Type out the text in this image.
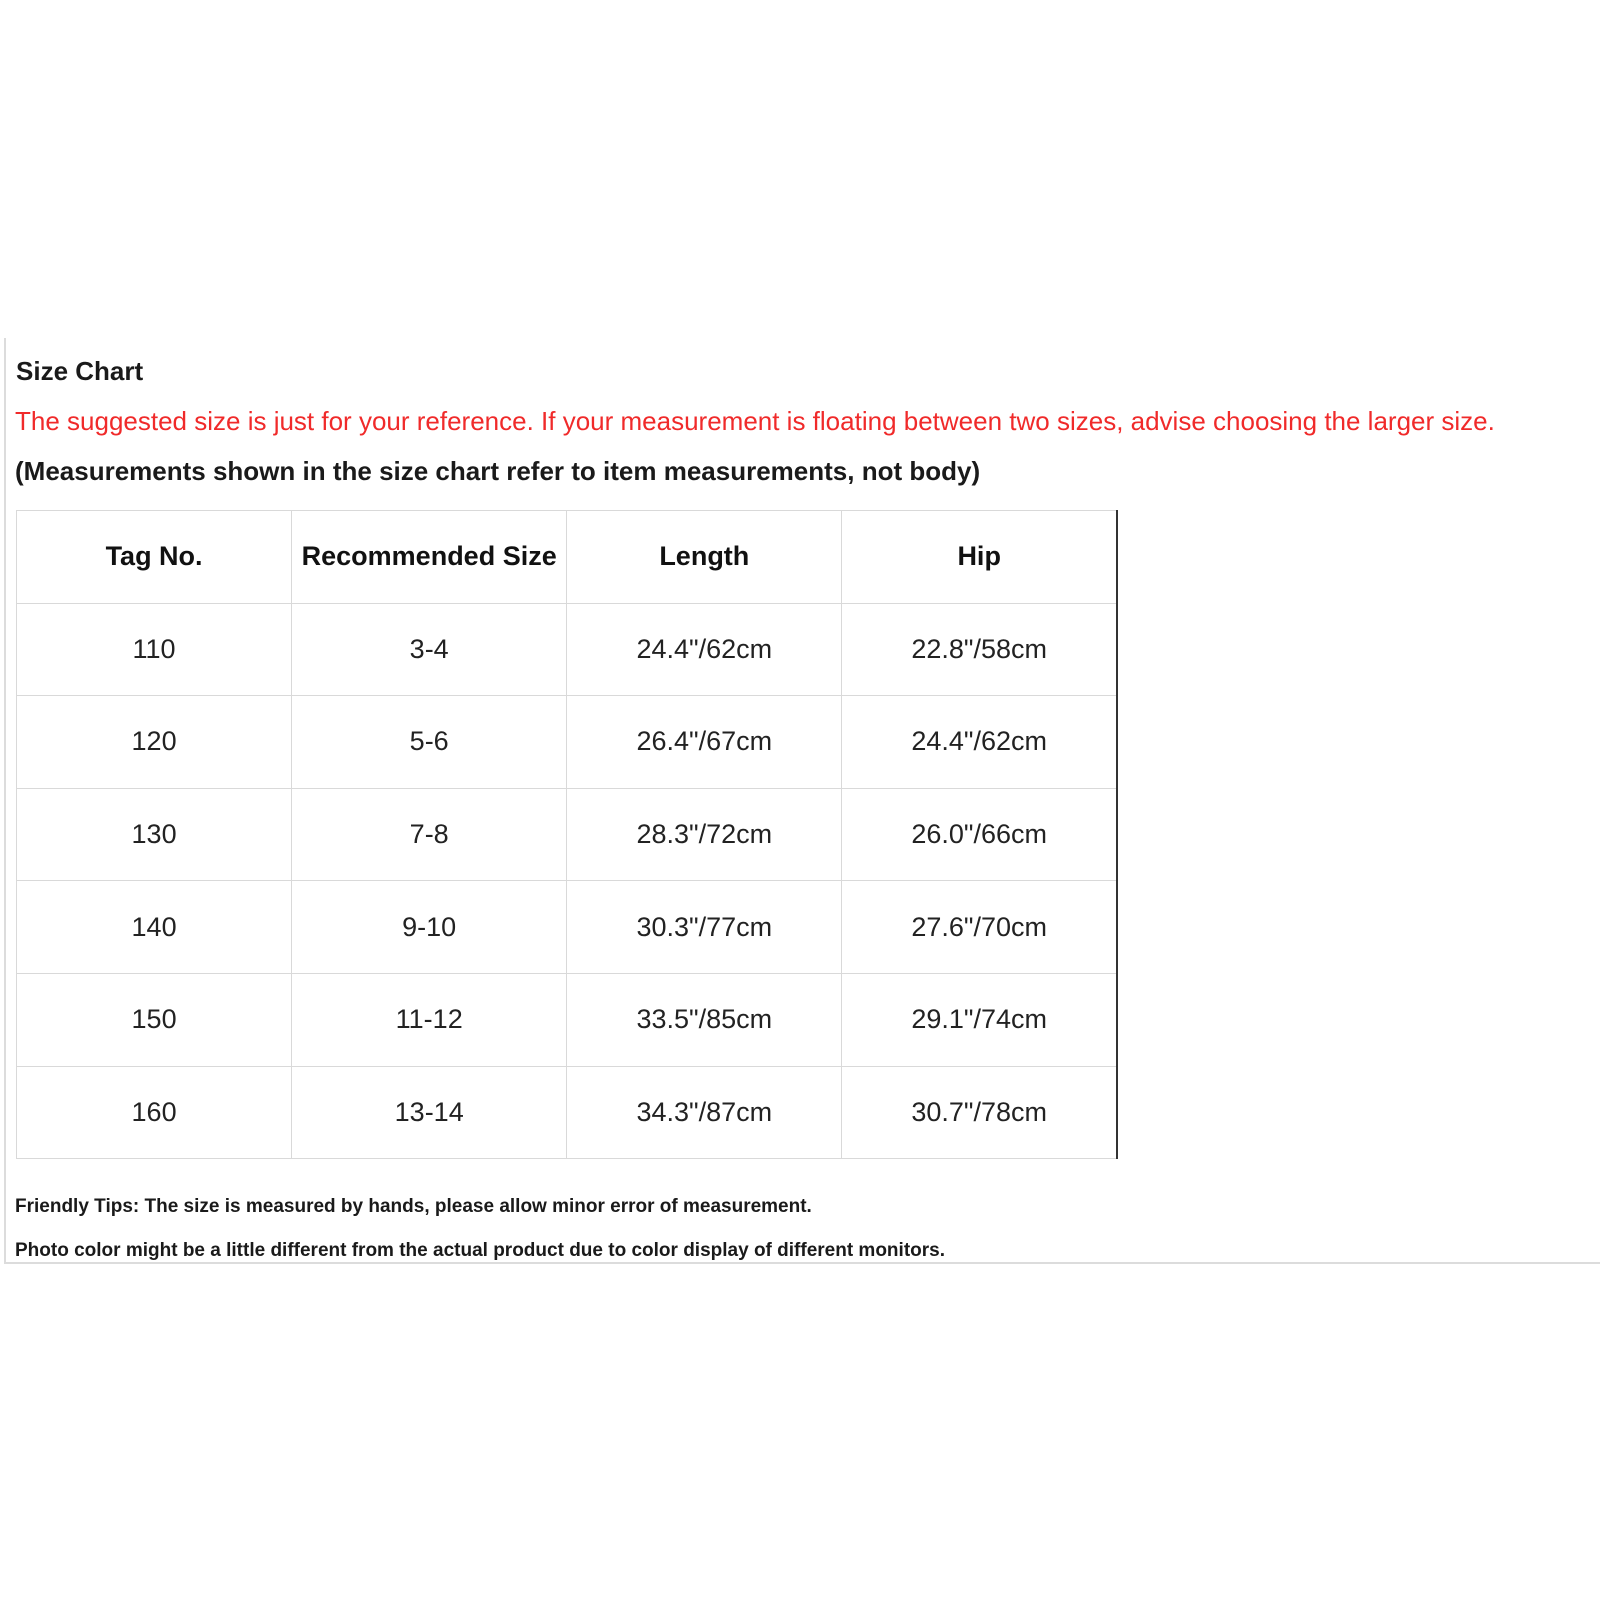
Size Chart
The suggested size is just for your reference. If your measurement is floating between two sizes, advise choosing the larger size.
(Measurements shown in the size chart refer to item measurements, not body)
Tag No.	Recommended Size	Length	Hip
110	3-4	24.4"/62cm	22.8"/58cm
120	5-6	26.4"/67cm	24.4"/62cm
130	7-8	28.3"/72cm	26.0"/66cm
140	9-10	30.3"/77cm	27.6"/70cm
150	11-12	33.5"/85cm	29.1"/74cm
160	13-14	34.3"/87cm	30.7"/78cm
Friendly Tips: The size is measured by hands, please allow minor error of measurement.
Photo color might be a little different from the actual product due to color display of different monitors.
